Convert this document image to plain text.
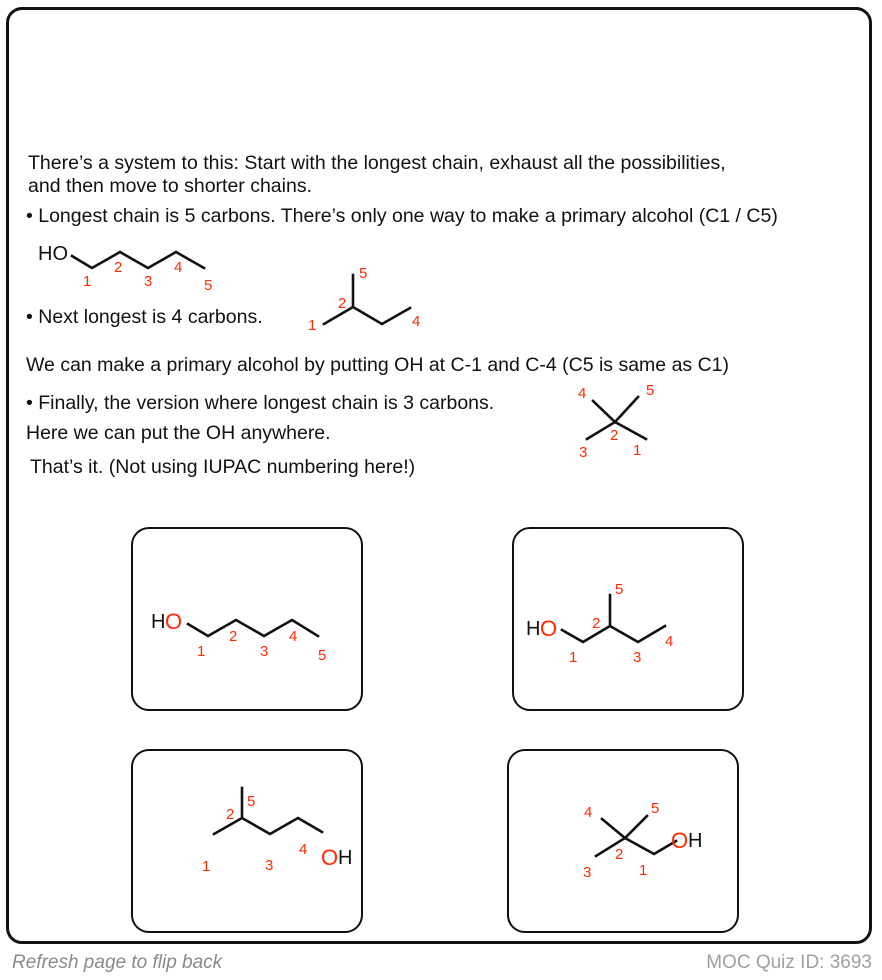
There’s a system to this: Start with the longest chain, exhaust all the possibilities,
and then move to shorter chains.
• Longest chain is 5 carbons. There’s only one way to make a primary alcohol (C1 / C5)
HO
1
2
3
4
5
• Next longest is 4 carbons.	1
2
4
5
We can make a primary alcohol by putting OH at C-1 and C-4 (C5 is same as C1)
• Finally, the version where longest chain is 3 carbons.
Here we can put the OH anywhere.
That’s it. (Not using IUPAC numbering here!)
4	5
2
3	1
H O
1
2
3
4
5
H O
5
2
1	3
4
5
2
1	3
4 O H
4	5
2
3	1
O H
Refresh page to flip back	MOC Quiz ID: 3693
